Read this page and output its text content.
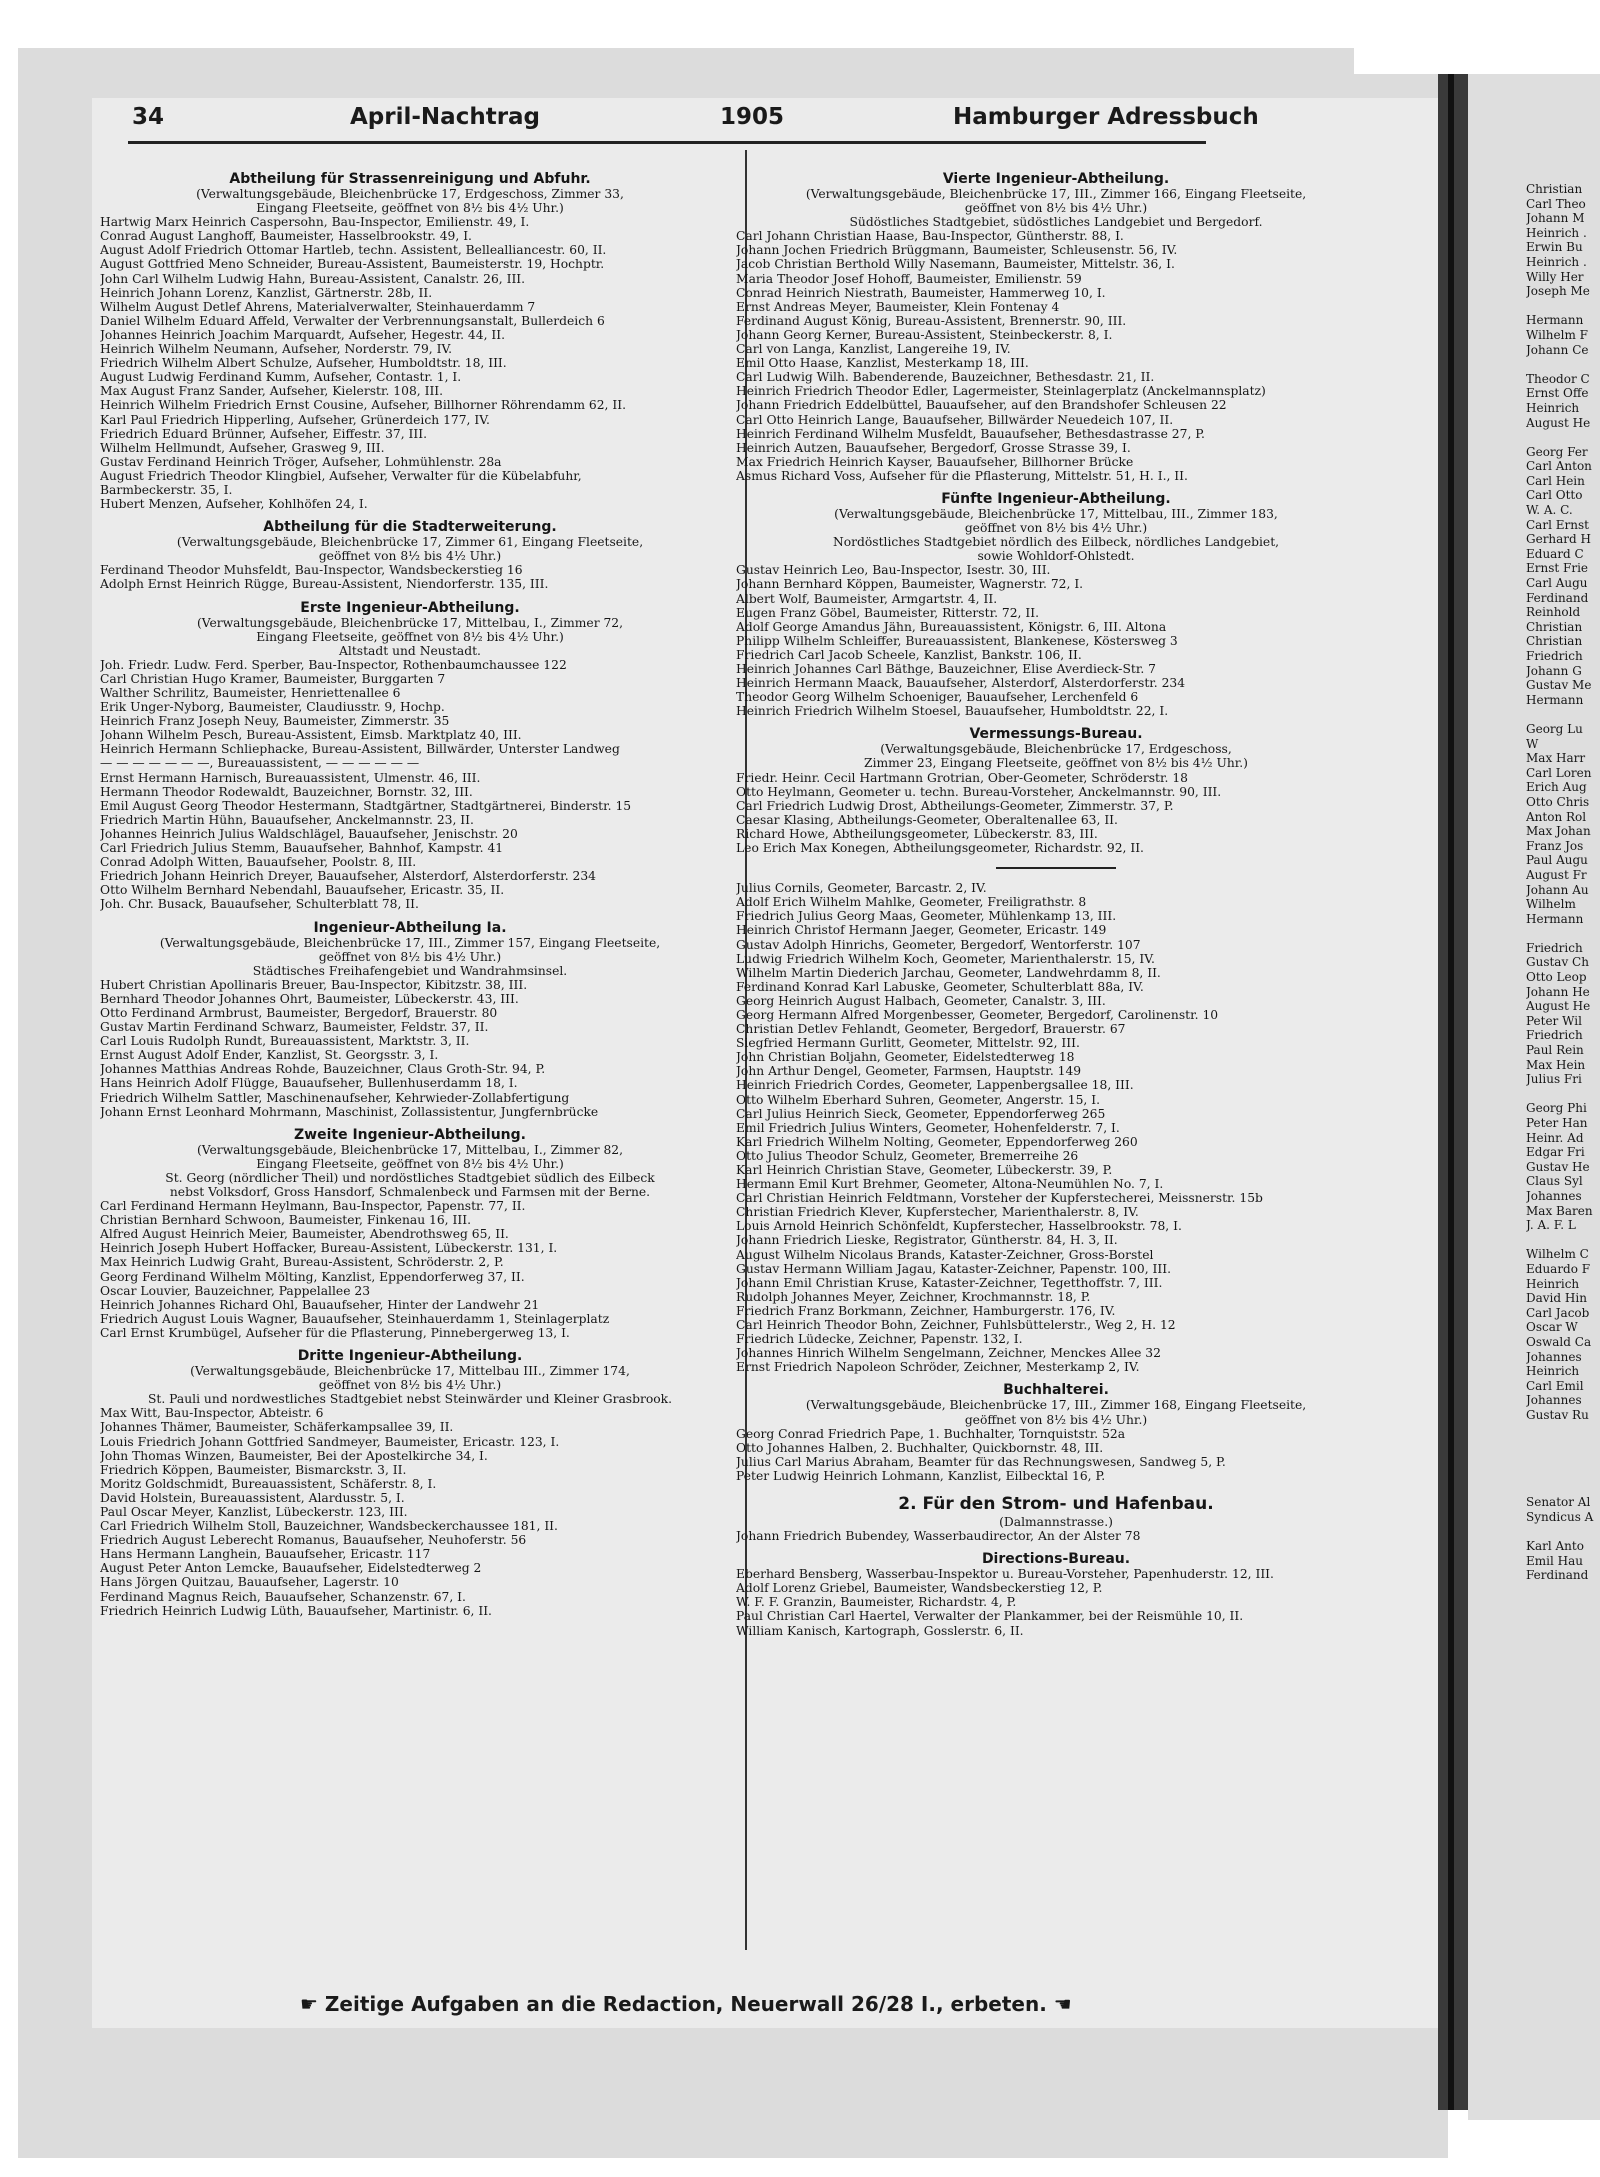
34	April-Nachtrag	1905	Hamburger Adressbuch
Abtheilung für Strassenreinigung und Abfuhr.
(Verwaltungsgebäude, Bleichenbrücke 17, Erdgeschoss, Zimmer 33,
Eingang Fleetseite, geöffnet von 8½ bis 4½ Uhr.)
Hartwig Marx Heinrich Caspersohn, Bau-Inspector, Emilienstr. 49, I.
Conrad August Langhoff, Baumeister, Hasselbrookstr. 49, I.
August Adolf Friedrich Ottomar Hartleb, techn. Assistent, Bellealliancestr. 60, II.
August Gottfried Meno Schneider, Bureau-Assistent, Baumeisterstr. 19, Hochptr.
John Carl Wilhelm Ludwig Hahn, Bureau-Assistent, Canalstr. 26, III.
Heinrich Johann Lorenz, Kanzlist, Gärtnerstr. 28b, II.
Wilhelm August Detlef Ahrens, Materialverwalter, Steinhauerdamm 7
Daniel Wilhelm Eduard Affeld, Verwalter der Verbrennungsanstalt, Bullerdeich 6
Johannes Heinrich Joachim Marquardt, Aufseher, Hegestr. 44, II.
Heinrich Wilhelm Neumann, Aufseher, Norderstr. 79, IV.
Friedrich Wilhelm Albert Schulze, Aufseher, Humboldtstr. 18, III.
August Ludwig Ferdinand Kumm, Aufseher, Contastr. 1, I.
Max August Franz Sander, Aufseher, Kielerstr. 108, III.
Heinrich Wilhelm Friedrich Ernst Cousine, Aufseher, Billhorner Röhrendamm 62, II.
Karl Paul Friedrich Hipperling, Aufseher, Grünerdeich 177, IV.
Friedrich Eduard Brünner, Aufseher, Eiffestr. 37, III.
Wilhelm Hellmundt, Aufseher, Grasweg 9, III.
Gustav Ferdinand Heinrich Tröger, Aufseher, Lohmühlenstr. 28a
August Friedrich Theodor Klingbiel, Aufseher, Verwalter für die Kübelabfuhr,
Barmbeckerstr. 35, I.
Hubert Menzen, Aufseher, Kohlhöfen 24, I.
Abtheilung für die Stadterweiterung.
(Verwaltungsgebäude, Bleichenbrücke 17, Zimmer 61, Eingang Fleetseite,
geöffnet von 8½ bis 4½ Uhr.)
Ferdinand Theodor Muhsfeldt, Bau-Inspector, Wandsbeckerstieg 16
Adolph Ernst Heinrich Rügge, Bureau-Assistent, Niendorferstr. 135, III.
Erste Ingenieur-Abtheilung.
(Verwaltungsgebäude, Bleichenbrücke 17, Mittelbau, I., Zimmer 72,
Eingang Fleetseite, geöffnet von 8½ bis 4½ Uhr.)
Altstadt und Neustadt.
Joh. Friedr. Ludw. Ferd. Sperber, Bau-Inspector, Rothenbaumchaussee 122
Carl Christian Hugo Kramer, Baumeister, Burggarten 7
Walther Schrilitz, Baumeister, Henriettenallee 6
Erik Unger-Nyborg, Baumeister, Claudiusstr. 9, Hochp.
Heinrich Franz Joseph Neuy, Baumeister, Zimmerstr. 35
Johann Wilhelm Pesch, Bureau-Assistent, Eimsb. Marktplatz 40, III.
Heinrich Hermann Schliephacke, Bureau-Assistent, Billwärder, Unterster Landweg
— — — — — — —, Bureauassistent, — — — — — —
Ernst Hermann Harnisch, Bureauassistent, Ulmenstr. 46, III.
Hermann Theodor Rodewaldt, Bauzeichner, Bornstr. 32, III.
Emil August Georg Theodor Hestermann, Stadtgärtner, Stadtgärtnerei, Binderstr. 15
Friedrich Martin Hühn, Bauaufseher, Anckelmannstr. 23, II.
Johannes Heinrich Julius Waldschlägel, Bauaufseher, Jenischstr. 20
Carl Friedrich Julius Stemm, Bauaufseher, Bahnhof, Kampstr. 41
Conrad Adolph Witten, Bauaufseher, Poolstr. 8, III.
Friedrich Johann Heinrich Dreyer, Bauaufseher, Alsterdorf, Alsterdorferstr. 234
Otto Wilhelm Bernhard Nebendahl, Bauaufseher, Ericastr. 35, II.
Joh. Chr. Busack, Bauaufseher, Schulterblatt 78, II.
Ingenieur-Abtheilung Ia.
(Verwaltungsgebäude, Bleichenbrücke 17, III., Zimmer 157, Eingang Fleetseite,
geöffnet von 8½ bis 4½ Uhr.)
Städtisches Freihafengebiet und Wandrahmsinsel.
Hubert Christian Apollinaris Breuer, Bau-Inspector, Kibitzstr. 38, III.
Bernhard Theodor Johannes Ohrt, Baumeister, Lübeckerstr. 43, III.
Otto Ferdinand Armbrust, Baumeister, Bergedorf, Brauerstr. 80
Gustav Martin Ferdinand Schwarz, Baumeister, Feldstr. 37, II.
Carl Louis Rudolph Rundt, Bureauassistent, Marktstr. 3, II.
Ernst August Adolf Ender, Kanzlist, St. Georgsstr. 3, I.
Johannes Matthias Andreas Rohde, Bauzeichner, Claus Groth-Str. 94, P.
Hans Heinrich Adolf Flügge, Bauaufseher, Bullenhuserdamm 18, I.
Friedrich Wilhelm Sattler, Maschinenaufseher, Kehrwieder-Zollabfertigung
Johann Ernst Leonhard Mohrmann, Maschinist, Zollassistentur, Jungfernbrücke
Zweite Ingenieur-Abtheilung.
(Verwaltungsgebäude, Bleichenbrücke 17, Mittelbau, I., Zimmer 82,
Eingang Fleetseite, geöffnet von 8½ bis 4½ Uhr.)
St. Georg (nördlicher Theil) und nordöstliches Stadtgebiet südlich des Eilbeck
nebst Volksdorf, Gross Hansdorf, Schmalenbeck und Farmsen mit der Berne.
Carl Ferdinand Hermann Heylmann, Bau-Inspector, Papenstr. 77, II.
Christian Bernhard Schwoon, Baumeister, Finkenau 16, III.
Alfred August Heinrich Meier, Baumeister, Abendrothsweg 65, II.
Heinrich Joseph Hubert Hoffacker, Bureau-Assistent, Lübeckerstr. 131, I.
Max Heinrich Ludwig Graht, Bureau-Assistent, Schröderstr. 2, P.
Georg Ferdinand Wilhelm Mölting, Kanzlist, Eppendorferweg 37, II.
Oscar Louvier, Bauzeichner, Pappelallee 23
Heinrich Johannes Richard Ohl, Bauaufseher, Hinter der Landwehr 21
Friedrich August Louis Wagner, Bauaufseher, Steinhauerdamm 1, Steinlagerplatz
Carl Ernst Krumbügel, Aufseher für die Pflasterung, Pinnebergerweg 13, I.
Dritte Ingenieur-Abtheilung.
(Verwaltungsgebäude, Bleichenbrücke 17, Mittelbau III., Zimmer 174,
geöffnet von 8½ bis 4½ Uhr.)
St. Pauli und nordwestliches Stadtgebiet nebst Steinwärder und Kleiner Grasbrook.
Max Witt, Bau-Inspector, Abteistr. 6
Johannes Thämer, Baumeister, Schäferkampsallee 39, II.
Louis Friedrich Johann Gottfried Sandmeyer, Baumeister, Ericastr. 123, I.
John Thomas Winzen, Baumeister, Bei der Apostelkirche 34, I.
Friedrich Köppen, Baumeister, Bismarckstr. 3, II.
Moritz Goldschmidt, Bureauassistent, Schäferstr. 8, I.
David Holstein, Bureauassistent, Alardusstr. 5, I.
Paul Oscar Meyer, Kanzlist, Lübeckerstr. 123, III.
Carl Friedrich Wilhelm Stoll, Bauzeichner, Wandsbeckerchaussee 181, II.
Friedrich August Leberecht Romanus, Bauaufseher, Neuhoferstr. 56
Hans Hermann Langhein, Bauaufseher, Ericastr. 117
August Peter Anton Lemcke, Bauaufseher, Eidelstedterweg 2
Hans Jörgen Quitzau, Bauaufseher, Lagerstr. 10
Ferdinand Magnus Reich, Bauaufseher, Schanzenstr. 67, I.
Friedrich Heinrich Ludwig Lüth, Bauaufseher, Martinistr. 6, II.
Vierte Ingenieur-Abtheilung.
(Verwaltungsgebäude, Bleichenbrücke 17, III., Zimmer 166, Eingang Fleetseite,
geöffnet von 8½ bis 4½ Uhr.)
Südöstliches Stadtgebiet, südöstliches Landgebiet und Bergedorf.
Carl Johann Christian Haase, Bau-Inspector, Güntherstr. 88, I.
Johann Jochen Friedrich Brüggmann, Baumeister, Schleusenstr. 56, IV.
Jacob Christian Berthold Willy Nasemann, Baumeister, Mittelstr. 36, I.
Maria Theodor Josef Hohoff, Baumeister, Emilienstr. 59
Conrad Heinrich Niestrath, Baumeister, Hammerweg 10, I.
Ernst Andreas Meyer, Baumeister, Klein Fontenay 4
Ferdinand August König, Bureau-Assistent, Brennerstr. 90, III.
Johann Georg Kerner, Bureau-Assistent, Steinbeckerstr. 8, I.
Carl von Langa, Kanzlist, Langereihe 19, IV.
Emil Otto Haase, Kanzlist, Mesterkamp 18, III.
Carl Ludwig Wilh. Babenderende, Bauzeichner, Bethesdastr. 21, II.
Heinrich Friedrich Theodor Edler, Lagermeister, Steinlagerplatz (Anckelmannsplatz)
Johann Friedrich Eddelbüttel, Bauaufseher, auf den Brandshofer Schleusen 22
Carl Otto Heinrich Lange, Bauaufseher, Billwärder Neuedeich 107, II.
Heinrich Ferdinand Wilhelm Musfeldt, Bauaufseher, Bethesdastrasse 27, P.
Heinrich Autzen, Bauaufseher, Bergedorf, Grosse Strasse 39, I.
Max Friedrich Heinrich Kayser, Bauaufseher, Billhorner Brücke
Asmus Richard Voss, Aufseher für die Pflasterung, Mittelstr. 51, H. I., II.
Fünfte Ingenieur-Abtheilung.
(Verwaltungsgebäude, Bleichenbrücke 17, Mittelbau, III., Zimmer 183,
geöffnet von 8½ bis 4½ Uhr.)
Nordöstliches Stadtgebiet nördlich des Eilbeck, nördliches Landgebiet,
sowie Wohldorf-Ohlstedt.
Gustav Heinrich Leo, Bau-Inspector, Isestr. 30, III.
Johann Bernhard Köppen, Baumeister, Wagnerstr. 72, I.
Albert Wolf, Baumeister, Armgartstr. 4, II.
Eugen Franz Göbel, Baumeister, Ritterstr. 72, II.
Adolf George Amandus Jähn, Bureauassistent, Königstr. 6, III. Altona
Philipp Wilhelm Schleiffer, Bureauassistent, Blankenese, Köstersweg 3
Friedrich Carl Jacob Scheele, Kanzlist, Bankstr. 106, II.
Heinrich Johannes Carl Bäthge, Bauzeichner, Elise Averdieck-Str. 7
Heinrich Hermann Maack, Bauaufseher, Alsterdorf, Alsterdorferstr. 234
Theodor Georg Wilhelm Schoeniger, Bauaufseher, Lerchenfeld 6
Heinrich Friedrich Wilhelm Stoesel, Bauaufseher, Humboldtstr. 22, I.
Vermessungs-Bureau.
(Verwaltungsgebäude, Bleichenbrücke 17, Erdgeschoss,
Zimmer 23, Eingang Fleetseite, geöffnet von 8½ bis 4½ Uhr.)
Friedr. Heinr. Cecil Hartmann Grotrian, Ober-Geometer, Schröderstr. 18
Otto Heylmann, Geometer u. techn. Bureau-Vorsteher, Anckelmannstr. 90, III.
Carl Friedrich Ludwig Drost, Abtheilungs-Geometer, Zimmerstr. 37, P.
Caesar Klasing, Abtheilungs-Geometer, Oberaltenallee 63, II.
Richard Howe, Abtheilungsgeometer, Lübeckerstr. 83, III.
Leo Erich Max Konegen, Abtheilungsgeometer, Richardstr. 92, II.
Julius Cornils, Geometer, Barcastr. 2, IV.
Adolf Erich Wilhelm Mahlke, Geometer, Freiligrathstr. 8
Friedrich Julius Georg Maas, Geometer, Mühlenkamp 13, III.
Heinrich Christof Hermann Jaeger, Geometer, Ericastr. 149
Gustav Adolph Hinrichs, Geometer, Bergedorf, Wentorferstr. 107
Ludwig Friedrich Wilhelm Koch, Geometer, Marienthalerstr. 15, IV.
Wilhelm Martin Diederich Jarchau, Geometer, Landwehrdamm 8, II.
Ferdinand Konrad Karl Labuske, Geometer, Schulterblatt 88a, IV.
Georg Heinrich August Halbach, Geometer, Canalstr. 3, III.
Georg Hermann Alfred Morgenbesser, Geometer, Bergedorf, Carolinenstr. 10
Christian Detlev Fehlandt, Geometer, Bergedorf, Brauerstr. 67
Siegfried Hermann Gurlitt, Geometer, Mittelstr. 92, III.
John Christian Boljahn, Geometer, Eidelstedterweg 18
John Arthur Dengel, Geometer, Farmsen, Hauptstr. 149
Heinrich Friedrich Cordes, Geometer, Lappenbergsallee 18, III.
Otto Wilhelm Eberhard Suhren, Geometer, Angerstr. 15, I.
Carl Julius Heinrich Sieck, Geometer, Eppendorferweg 265
Emil Friedrich Julius Winters, Geometer, Hohenfelderstr. 7, I.
Karl Friedrich Wilhelm Nolting, Geometer, Eppendorferweg 260
Otto Julius Theodor Schulz, Geometer, Bremerreihe 26
Karl Heinrich Christian Stave, Geometer, Lübeckerstr. 39, P.
Hermann Emil Kurt Brehmer, Geometer, Altona-Neumühlen No. 7, I.
Carl Christian Heinrich Feldtmann, Vorsteher der Kupferstecherei, Meissnerstr. 15b
Christian Friedrich Klever, Kupferstecher, Marienthalerstr. 8, IV.
Louis Arnold Heinrich Schönfeldt, Kupferstecher, Hasselbrookstr. 78, I.
Johann Friedrich Lieske, Registrator, Güntherstr. 84, H. 3, II.
August Wilhelm Nicolaus Brands, Kataster-Zeichner, Gross-Borstel
Gustav Hermann William Jagau, Kataster-Zeichner, Papenstr. 100, III.
Johann Emil Christian Kruse, Kataster-Zeichner, Tegetthoffstr. 7, III.
Rudolph Johannes Meyer, Zeichner, Krochmannstr. 18, P.
Friedrich Franz Borkmann, Zeichner, Hamburgerstr. 176, IV.
Carl Heinrich Theodor Bohn, Zeichner, Fuhlsbüttelerstr., Weg 2, H. 12
Friedrich Lüdecke, Zeichner, Papenstr. 132, I.
Johannes Hinrich Wilhelm Sengelmann, Zeichner, Menckes Allee 32
Ernst Friedrich Napoleon Schröder, Zeichner, Mesterkamp 2, IV.
Buchhalterei.
(Verwaltungsgebäude, Bleichenbrücke 17, III., Zimmer 168, Eingang Fleetseite,
geöffnet von 8½ bis 4½ Uhr.)
Georg Conrad Friedrich Pape, 1. Buchhalter, Tornquiststr. 52a
Otto Johannes Halben, 2. Buchhalter, Quickbornstr. 48, III.
Julius Carl Marius Abraham, Beamter für das Rechnungswesen, Sandweg 5, P.
Peter Ludwig Heinrich Lohmann, Kanzlist, Eilbecktal 16, P.
2. Für den Strom- und Hafenbau.
(Dalmannstrasse.)
Johann Friedrich Bubendey, Wasserbaudirector, An der Alster 78
Directions-Bureau.
Eberhard Bensberg, Wasserbau-Inspektor u. Bureau-Vorsteher, Papenhuderstr. 12, III.
Adolf Lorenz Griebel, Baumeister, Wandsbeckerstieg 12, P.
W. F. F. Granzin, Baumeister, Richardstr. 4, P.
Paul Christian Carl Haertel, Verwalter der Plankammer, bei der Reismühle 10, II.
William Kanisch, Kartograph, Gosslerstr. 6, II.
☛ Zeitige Aufgaben an die Redaction, Neuerwall 26/28 I., erbeten. ☚
Christian
Carl Theo
Johann M
Heinrich .
Erwin Bu
Heinrich .
Willy Her
Joseph Me
Hermann
Wilhelm F
Johann Ce
Theodor C
Ernst Offe
Heinrich
August He
Georg Fer
Carl Anton
Carl Hein
Carl Otto
W. A. C.
Carl Ernst
Gerhard H
Eduard C
Ernst Frie
Carl Augu
Ferdinand
Reinhold
Christian
Christian
Friedrich
Johann G
Gustav Me
Hermann
Georg Lu
W
Max Harr
Carl Loren
Erich Aug
Otto Chris
Anton Rol
Max Johan
Franz Jos
Paul Augu
August Fr
Johann Au
Wilhelm
Hermann
Friedrich
Gustav Ch
Otto Leop
Johann He
August He
Peter Wil
Friedrich
Paul Rein
Max Hein
Julius Fri
Georg Phi
Peter Han
Heinr. Ad
Edgar Fri
Gustav He
Claus Syl
Johannes
Max Baren
J. A. F. L
Wilhelm C
Eduardo F
Heinrich
David Hin
Carl Jacob
Oscar W
Oswald Ca
Johannes
Heinrich
Carl Emil
Johannes
Gustav Ru
Senator Al
Syndicus A
Karl Anto
Emil Hau
Ferdinand
